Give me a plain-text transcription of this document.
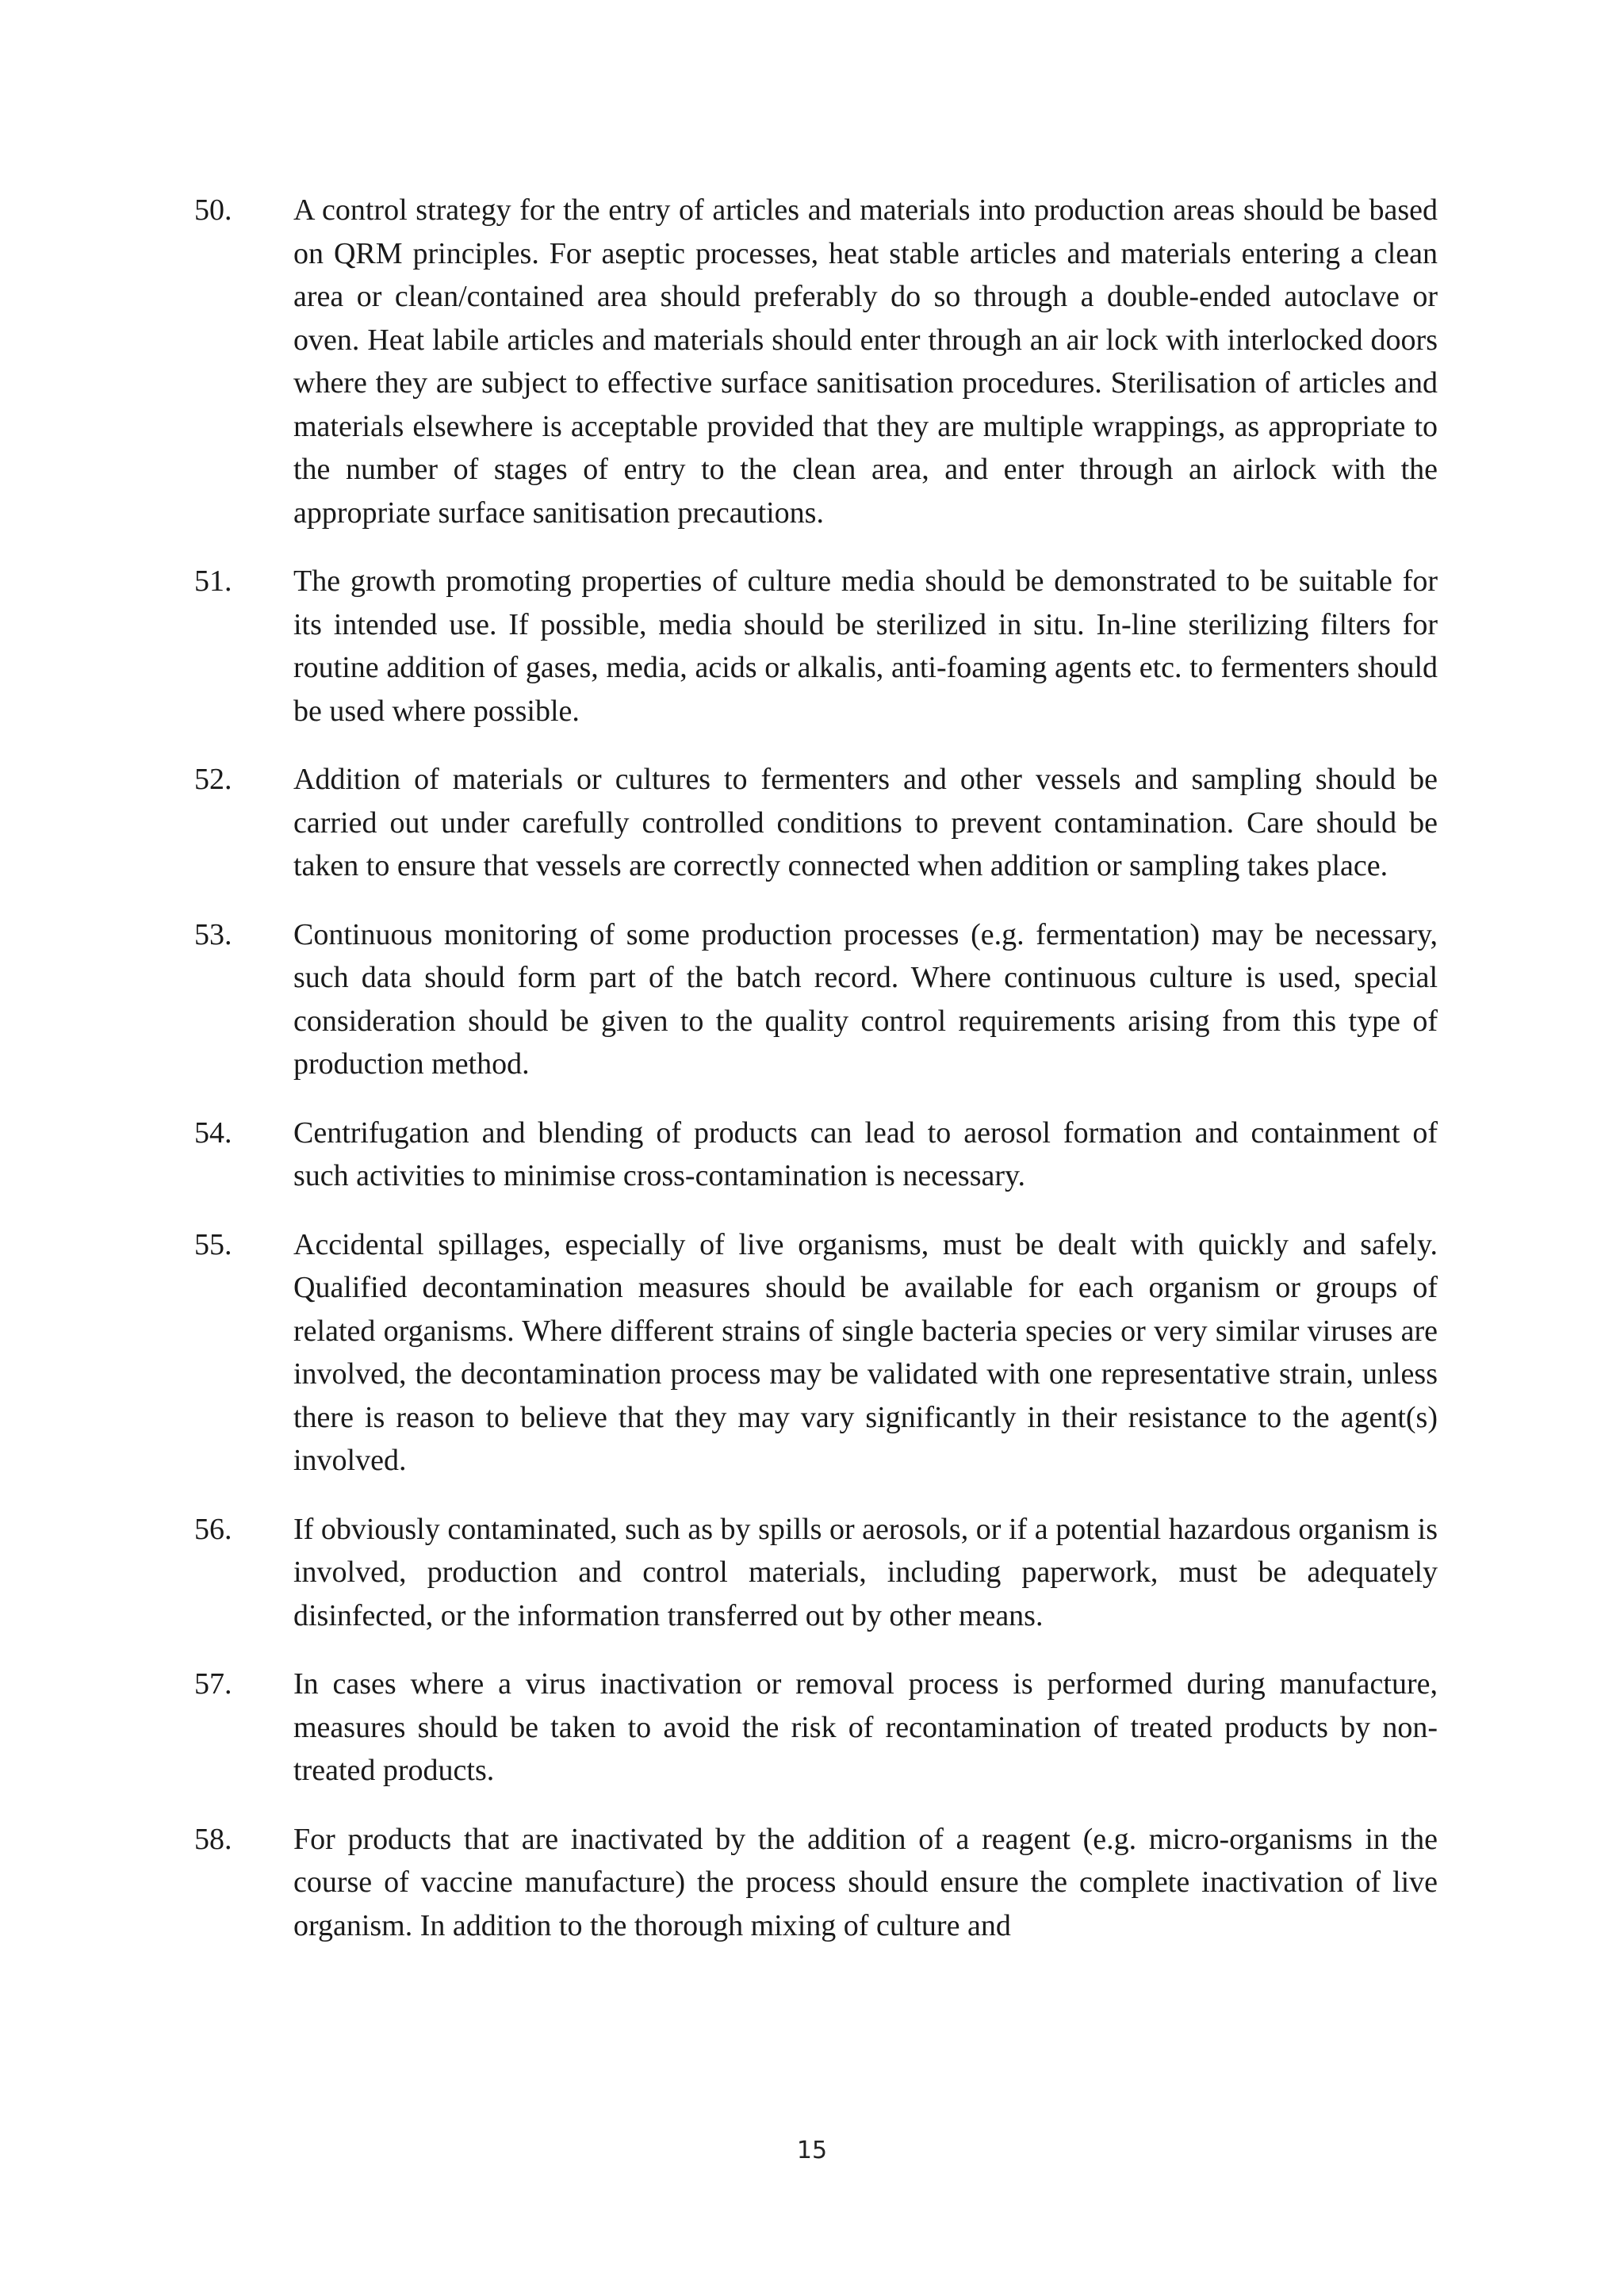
50.	A control strategy for the entry of articles and materials into production areas should be based on QRM principles. For aseptic processes, heat stable articles and materials entering a clean area or clean/contained area should preferably do so through a double-ended autoclave or oven. Heat labile articles and materials should enter through an air lock with interlocked doors where they are subject to effective surface sanitisation procedures. Sterilisation of articles and materials elsewhere is acceptable provided that they are multiple wrappings, as appropriate to the number of stages of entry to the clean area, and enter through an airlock with the appropriate surface sanitisation precautions.
51.	The growth promoting properties of culture media should be demonstrated to be suitable for its intended use. If possible, media should be sterilized in situ. In-line sterilizing filters for routine addition of gases, media, acids or alkalis, anti-foaming agents etc. to fermenters should be used where possible.
52.	Addition of materials or cultures to fermenters and other vessels and sampling should be carried out under carefully controlled conditions to prevent contamination. Care should be taken to ensure that vessels are correctly connected when addition or sampling takes place.
53.	Continuous monitoring of some production processes (e.g. fermentation) may be necessary, such data should form part of the batch record. Where continuous culture is used, special consideration should be given to the quality control requirements arising from this type of production method.
54.	Centrifugation and blending of products can lead to aerosol formation and containment of such activities to minimise cross-contamination is necessary.
55.	Accidental spillages, especially of live organisms, must be dealt with quickly and safely. Qualified decontamination measures should be available for each organism or groups of related organisms. Where different strains of single bacteria species or very similar viruses are involved, the decontamination process may be validated with one representative strain, unless there is reason to believe that they may vary significantly in their resistance to the agent(s) involved.
56.	If obviously contaminated, such as by spills or aerosols, or if a potential hazardous organism is involved, production and control materials, including paperwork, must be adequately disinfected, or the information transferred out by other means.
57.	In cases where a virus inactivation or removal process is performed during manufacture, measures should be taken to avoid the risk of recontamination of treated products by non-treated products.
58.	For products that are inactivated by the addition of a reagent (e.g. micro-organisms in the course of vaccine manufacture) the process should ensure the complete inactivation of live organism. In addition to the thorough mixing of culture and
15
